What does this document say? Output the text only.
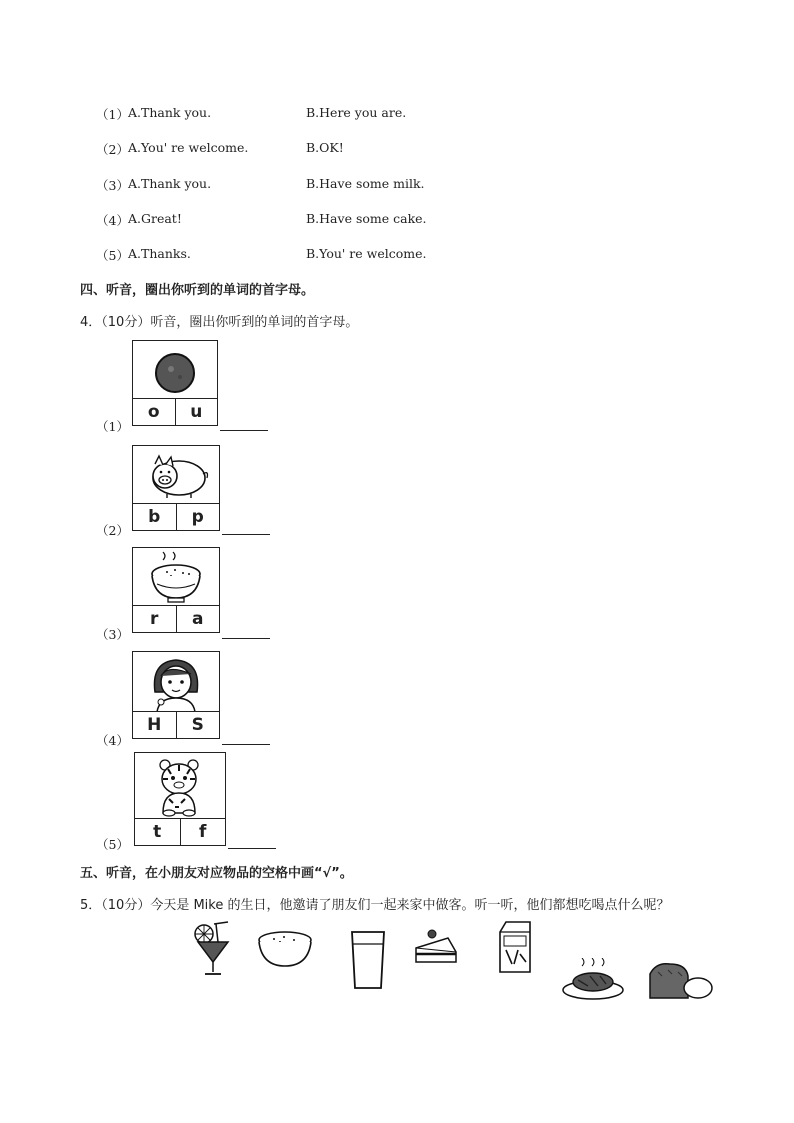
（1） A.Thank you.	B.Here you are.
（2） A.You' re welcome.	B.OK!
（3） A.Thank you.	B.Have some milk.
（4） A.Great!	B.Have some cake.
（5） A.Thanks.	B.You' re welcome.
四、听音，圈出你听到的单词的首字母。
4．（10分）听音，圈出你听到的单词的首字母。
o	u
（1）
b	p
（2）
r	a
（3）
H	S
（4）
t	f
（5）
五、听音，在小朋友对应物品的空格中画“√”。
5．（10分）今天是 Mike 的生日，他邀请了朋友们一起来家中做客。听一听，他们都想吃喝点什么呢？
